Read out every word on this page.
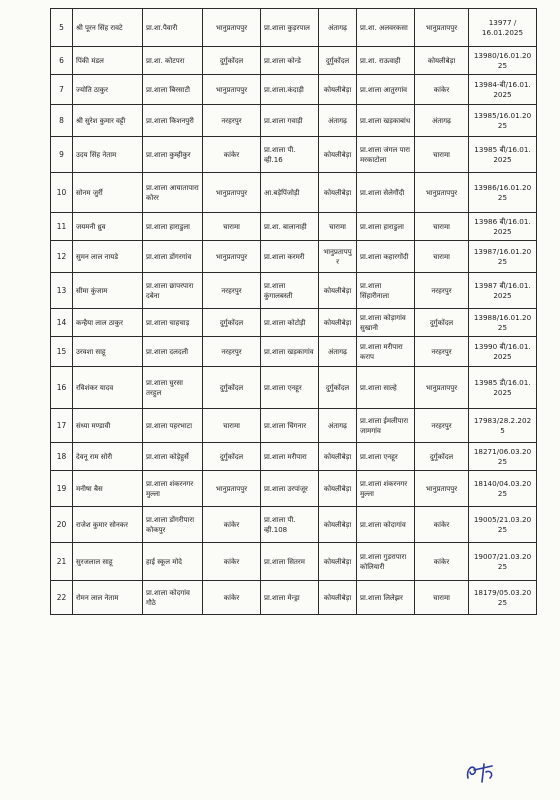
5	श्री पूरन सिंह रावटे	प्रा.शा.पैवारी	भानुप्रतापपुर	प्रा.शाला कुड़रपाल	अंतागढ़	प्रा.शा. अलवरकसा	भानुप्रतापपुर	13977 / 16.01.2025
6	पिंकी मंडल	प्रा.शा. कोटपरा	दुर्गुकोंदल	प्रा.शाला कोन्डे	दुर्गुकोंदल	प्रा.शा. राऊवाही	कोयलीबेड़ा	13980/16.01.2025
7	ज्योति ठाकुर	प्रा.शाला बिरसाटी	भानुप्रतापपुर	प्रा.शाला.कंदाड़ी	कोयलीबेड़ा	प्रा.शाला आतुरगांव	कांकेर	13984-बी/16.01. 2025
8	श्री सुरेश कुमार वट्टी	प्रा.शाला किशनपुरी	नरहरपुर	प्रा.शाला गवाड़ी	अंतागढ़	प्रा.शाला खड़काबांध	अंतागढ़	13985/16.01.2025
9	उदय सिंह नेताम	प्रा.शाला कुम्हीकुर	कांकेर	प्रा.शाला पी. व्ही.16	कोयलीबेड़ा	प्रा.शाला जंगल पारा मरकाटोला	चारामा	13985 बी/16.01. 2025
10	सोनम जुर्री	प्रा.शाला आयातापारा कोरर	भानुप्रतापपुर	आ.बड़ेपिंजोड़ी	कोयलीबेड़ा	प्रा.शाला सेलेगौंदी	भानुप्रतापपुर	13986/16.01.2025
11	जयमनी ध्रुव	प्रा.शाला हाराडुला	चारामा	प्रा.शा. बालानाही	चारामा	प्रा.शाला हाराडुला	चारामा	13986 बी/16.01. 2025
12	सुमन लाल नायडे	प्रा.शाला डोंगरगांव	भानुप्रतापपुर	प्रा.शाला करमरी	भानुप्रतापपु र	प्रा.शाला कहारगोंदी	चारामा	13987/16.01.2025
13	सीमा कुंजाम	प्रा.शाला छापरपारा दबेना	नरहरपुर	प्रा.शाला कुंगालबस्ती	कोयलीबेड़ा	प्रा.शाला सिंहारीनाला	नरहरपुर	13987 बी/16.01. 2025
14	कन्हैया लाल ठाकुर	प्रा.शाला चाहचाड़	दुर्गुकोंदल	प्रा.शाला कोटोड़ी	कोयलीबेड़ा	प्रा.शाला कोड़ागांव सुखानी	दुर्गुकोंदल	13988/16.01.2025
15	उरवशा साहू	प्रा.शाला दलदली	नरहरपुर	प्रा.शाला खड़कागांव	अंतागढ़	प्रा.शाला मरीपारा कराप	नरहरपुर	13990 बी/16.01. 2025
16	रविशंकर यादव	प्रा.शाला घुरसा तरहुल	दुर्गुकोंदल	प्रा.शाला एनहूर	दुर्गुकोंदल	प्रा.शाला साल्हे	भानुप्रतापपुर	13985 डी/16.01. 2025
17	संध्या मण्डावी	प्रा.शाला पहरभाटा	चारामा	प्रा.शाला चिंगनार	अंतागढ़	प्रा.शाला ईमलीपारा जामगांव	नरहरपुर	17983/28.2.2025
18	देवनू राम सोरी	प्रा.शाला कोड़ेहुर्से	दुर्गुकोंदल	प्रा.शाला मरीपारा	कोयलीबेड़ा	प्रा.शाला एनहूर	दुर्गुकोंदल	18271/06.03.2025
19	मनीषा बैस	प्रा.शाला शंकरनगर मुल्ला	भानुप्रतापपुर	प्रा.शाला उरपांजूर	कोयलीबेड़ा	प्रा.शाला शंकरनगर मुल्ला	भानुप्रतापपुर	18140/04.03.2025
20	राजेश कुमार सोनकर	प्रा.शाला डोंगरीपारा कोकपुर	कांकेर	प्रा.शाला पी. व्ही.108	कोयलीबेड़ा	प्रा.शाला कोदागांव	कांकेर	19005/21.03.2025
21	सुरजलाल साहू	हाई स्कूल मोदे	कांकेर	प्रा.शाला सितरम	कोयलीबेड़ा	प्रा.शाला गुडरापारा कोलियारी	कांकेर	19007/21.03.2025
22	रोमन लाल नेताम	प्रा.शाला कोदगांव गौठे	कांकेर	प्रा.शाला मेन्ड्रा	कोयलीबेड़ा	प्रा.शाला लिलेझर	चारामा	18179/05.03.2025
